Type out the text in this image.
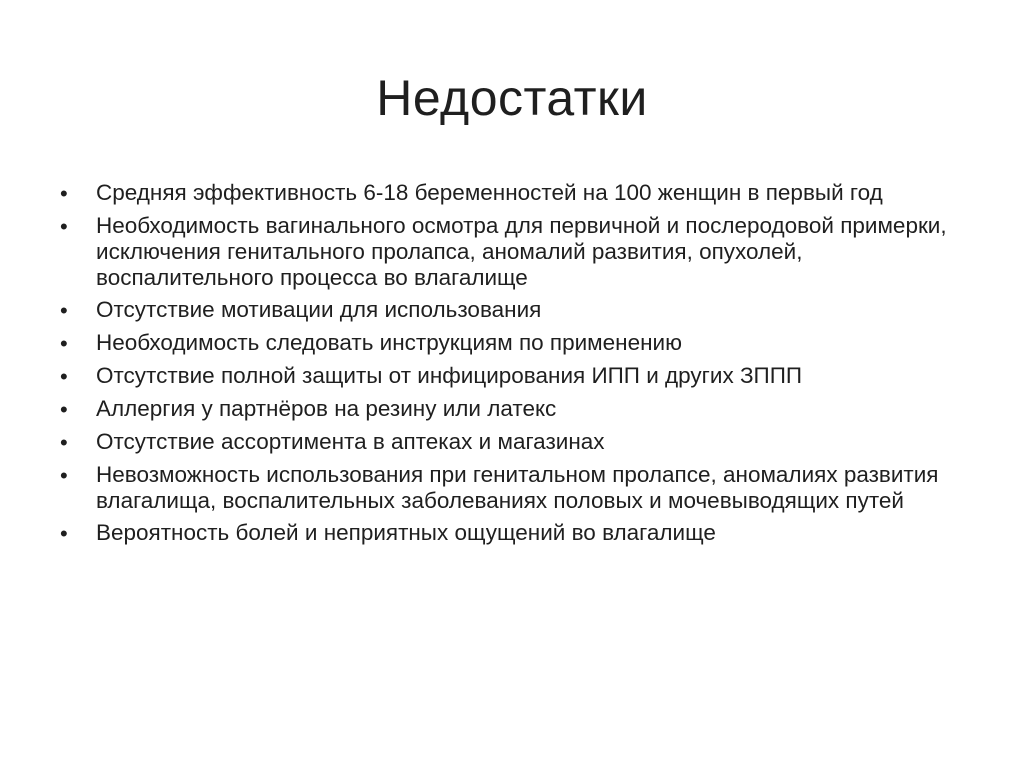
Недостатки
•	Средняя эффективность 6-18 беременностей на 100 женщин в первый год
•	Необходимость вагинального осмотра для первичной и послеродовой примерки, исключения генитального пролапса, аномалий развития, опухолей, воспалительного процесса во влагалище
•	Отсутствие мотивации для использования
•	Необходимость следовать инструкциям по применению
•	Отсутствие полной защиты от инфицирования ИПП и других ЗППП
•	Аллергия у партнёров на резину или латекс
•	Отсутствие ассортимента в аптеках и магазинах
•	Невозможность использования при генитальном пролапсе, аномалиях развития влагалища, воспалительных заболеваниях половых и мочевыводящих путей
•	Вероятность болей и неприятных ощущений во влагалище
